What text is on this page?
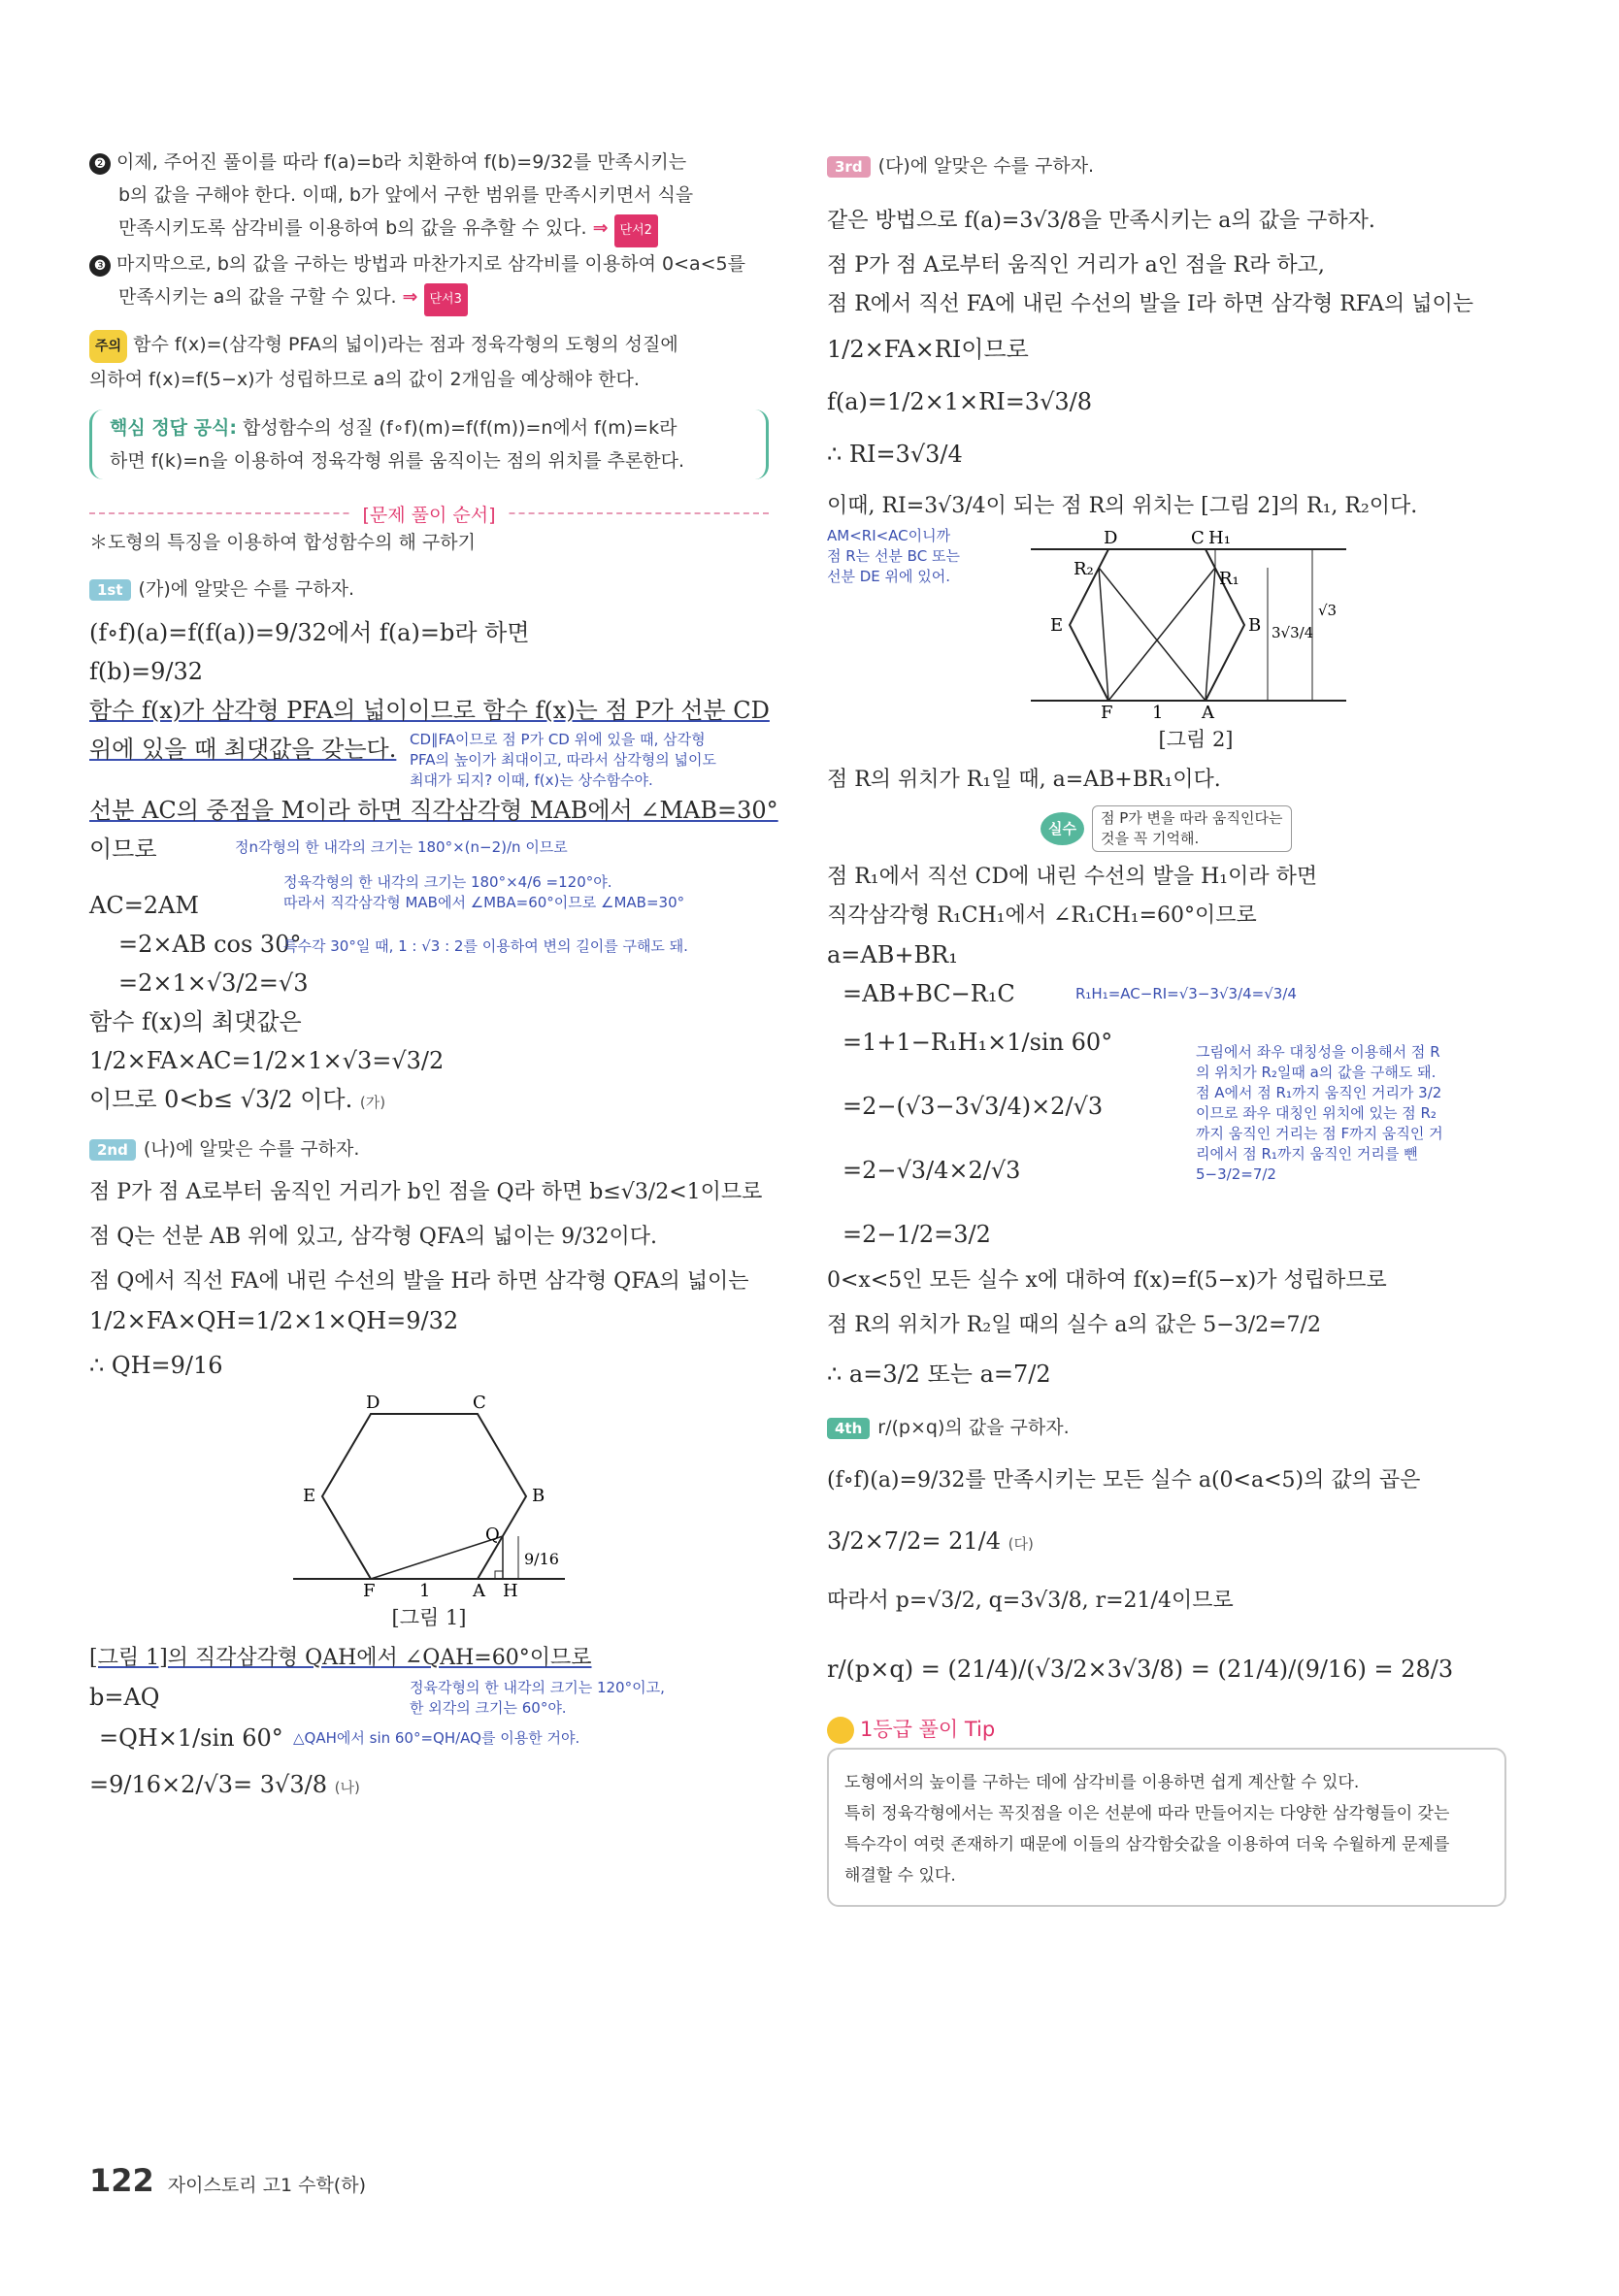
❷ 이제, 주어진 풀이를 따라 f(a)=b라 치환하여 f(b)=9/32를 만족시키는

b의 값을 구해야 한다. 이때, b가 앞에서 구한 범위를 만족시키면서 식을

만족시키도록 삼각비를 이용하여 b의 값을 유추할 수 있다. ⇒ 단서2

❸ 마지막으로, b의 값을 구하는 방법과 마찬가지로 삼각비를 이용하여 0<a<5를

만족시키는 a의 값을 구할 수 있다. ⇒ 단서3

주의 함수 f(x)=(삼각형 PFA의 넓이)라는 점과 정육각형의 도형의 성질에

의하여 f(x)=f(5−x)가 성립하므로 a의 값이 2개임을 예상해야 한다.

핵심 정답 공식: 합성함수의 성질 (f∘f)(m)=f(f(m))=n에서 f(m)=k라

하면 f(k)=n을 이용하여 정육각형 위를 움직이는 점의 위치를 추론한다.

[문제 풀이 순서]

＊도형의 특징을 이용하여 합성함수의 해 구하기

1st (가)에 알맞은 수를 구하자.

(f∘f)(a)=f(f(a))=9/32에서 f(a)=b라 하면

f(b)=9/32

함수 f(x)가 삼각형 PFA의 넓이이므로 함수 f(x)는 점 P가 선분 CD

위에 있을 때 최댓값을 갖는다. CD∥FA이므로 점 P가 CD 위에 있을 때, 삼각형

PFA의 높이가 최대이고, 따라서 삼각형의 넓이도

최대가 되지? 이때, f(x)는 상수함수야.

선분 AC의 중점을 M이라 하면 직각삼각형 MAB에서 ∠MAB=30°

이므로	정n각형의 한 내각의 크기는 180°×(n−2)/n 이므로

AC=2AM

=2×AB cos 30°

정육각형의 한 내각의 크기는 180°×4/6 =120°야.

따라서 직각삼각형 MAB에서 ∠MBA=60°이므로 ∠MAB=30°

특수각 30°일 때, 1 : √3 : 2를 이용하여 변의 길이를 구해도 돼.

=2×1×√3/2=√3

함수 f(x)의 최댓값은

1/2×FA×AC=1/2×1×√3=√3/2

이므로 0<b≤ √3/2 이다. (가)

2nd (나)에 알맞은 수를 구하자.

점 P가 점 A로부터 움직인 거리가 b인 점을 Q라 하면 b≤√3/2<1이므로

점 Q는 선분 AB 위에 있고, 삼각형 QFA의 넓이는 9/32이다.

점 Q에서 직선 FA에 내린 수선의 발을 H라 하면 삼각형 QFA의 넓이는

1/2×FA×QH=1/2×1×QH=9/32

∴ QH=9/16

D	C
E	B
F	A H
Q
1
9/16

[그림 1]

[그림 1]의 직각삼각형 QAH에서 ∠QAH=60°이므로

b=AQ	정육각형의 한 내각의 크기는 120°이고,

한 외각의 크기는 60°야.

=QH×1/sin 60° △QAH에서 sin 60°=QH/AQ를 이용한 거야.

=9/16×2/√3= 3√3/8 (나)

3rd (다)에 알맞은 수를 구하자.

같은 방법으로 f(a)=3√3/8을 만족시키는 a의 값을 구하자.

점 P가 점 A로부터 움직인 거리가 a인 점을 R라 하고,

점 R에서 직선 FA에 내린 수선의 발을 I라 하면 삼각형 RFA의 넓이는

1/2×FA×RI이므로

f(a)=1/2×1×RI=3√3/8

∴ RI=3√3/4

이때, RI=3√3/4이 되는 점 R의 위치는 [그림 2]의 R₁, R₂이다.

AM<RI<AC이니까

점 R는 선분 BC 또는

선분 DE 위에 있어.

D	C H₁
R₁
R₂
E	B
F	A
1
3√3/4
√3

[그림 2]

점 R의 위치가 R₁일 때, a=AB+BR₁이다.

실수

점 P가 변을 따라 움직인다는

것을 꼭 기억해.

점 R₁에서 직선 CD에 내린 수선의 발을 H₁이라 하면

직각삼각형 R₁CH₁에서 ∠R₁CH₁=60°이므로

a=AB+BR₁

=AB+BC−R₁C	R₁H₁=AC−RI=√3−3√3/4=√3/4

=1+1−R₁H₁×1/sin 60°

=2−(√3−3√3/4)×2/√3

=2−√3/4×2/√3

=2−1/2=3/2

그림에서 좌우 대칭성을 이용해서 점 R

의 위치가 R₂일때 a의 값을 구해도 돼.

점 A에서 점 R₁까지 움직인 거리가 3/2

이므로 좌우 대칭인 위치에 있는 점 R₂

까지 움직인 거리는 점 F까지 움직인 거

리에서 점 R₁까지 움직인 거리를 뺀

5−3/2=7/2

0<x<5인 모든 실수 x에 대하여 f(x)=f(5−x)가 성립하므로

점 R의 위치가 R₂일 때의 실수 a의 값은 5−3/2=7/2

∴ a=3/2 또는 a=7/2

4th r/(p×q)의 값을 구하자.

(f∘f)(a)=9/32를 만족시키는 모든 실수 a(0<a<5)의 값의 곱은

3/2×7/2= 21/4 (다)

따라서 p=√3/2, q=3√3/8, r=21/4이므로

r/(p×q) = (21/4)/(√3/2×3√3/8) = (21/4)/(9/16) = 28/3

1등급 풀이 Tip

도형에서의 높이를 구하는 데에 삼각비를 이용하면 쉽게 계산할 수 있다.

특히 정육각형에서는 꼭짓점을 이은 선분에 따라 만들어지는 다양한 삼각형들이 갖는

특수각이 여럿 존재하기 때문에 이들의 삼각함숫값을 이용하여 더욱 수월하게 문제를

해결할 수 있다.

122 자이스토리 고1 수학(하)
